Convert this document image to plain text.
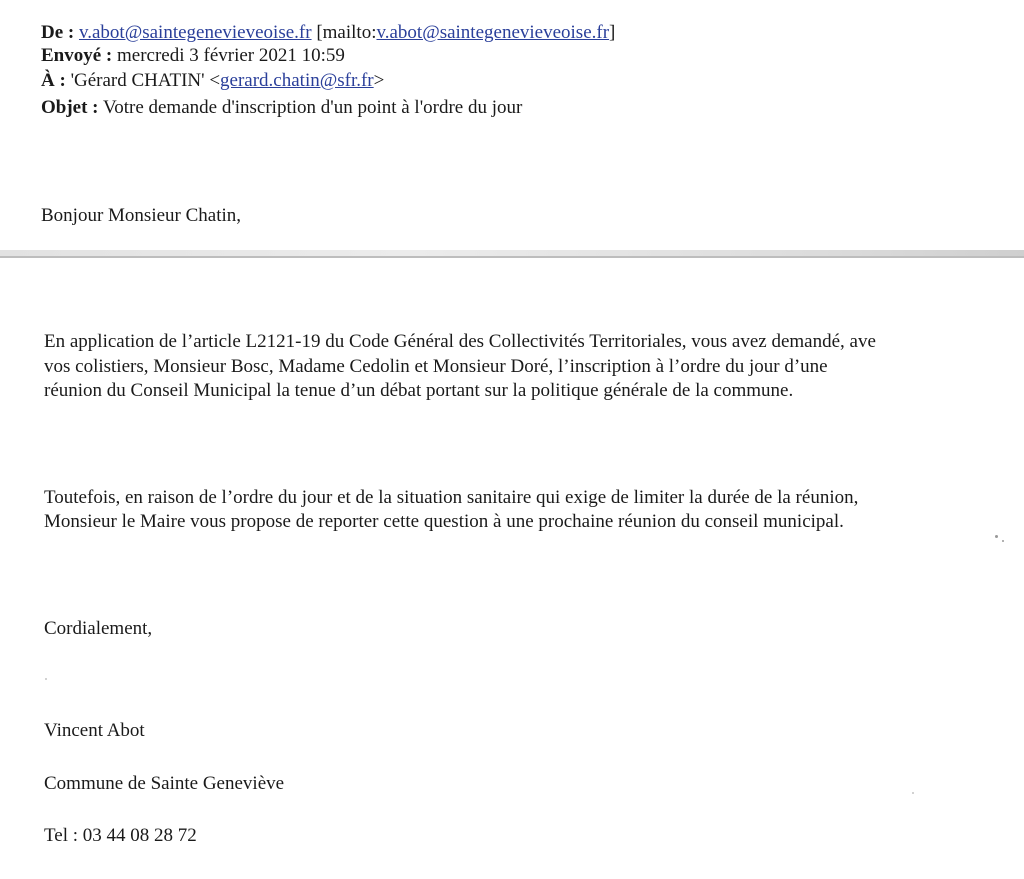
De : v.abot@saintegenevieveoise.fr [mailto:v.abot@saintegenevieveoise.fr]
Envoyé : mercredi 3 février 2021 10:59
À : 'Gérard CHATIN' <gerard.chatin@sfr.fr>
Objet : Votre demande d'inscription d'un point à l'ordre du jour
Bonjour Monsieur Chatin,
En application de l’article L2121-19 du Code Général des Collectivités Territoriales, vous avez demandé, ave
vos colistiers, Monsieur Bosc, Madame Cedolin et Monsieur Doré, l’inscription à l’ordre du jour d’une
réunion du Conseil Municipal la tenue d’un débat portant sur la politique générale de la commune.
Toutefois, en raison de l’ordre du jour et de la situation sanitaire qui exige de limiter la durée de la réunion,
Monsieur le Maire vous propose de reporter cette question à une prochaine réunion du conseil municipal.
Cordialement,
Vincent Abot
Commune de Sainte Geneviève
Tel : 03 44 08 28 72
